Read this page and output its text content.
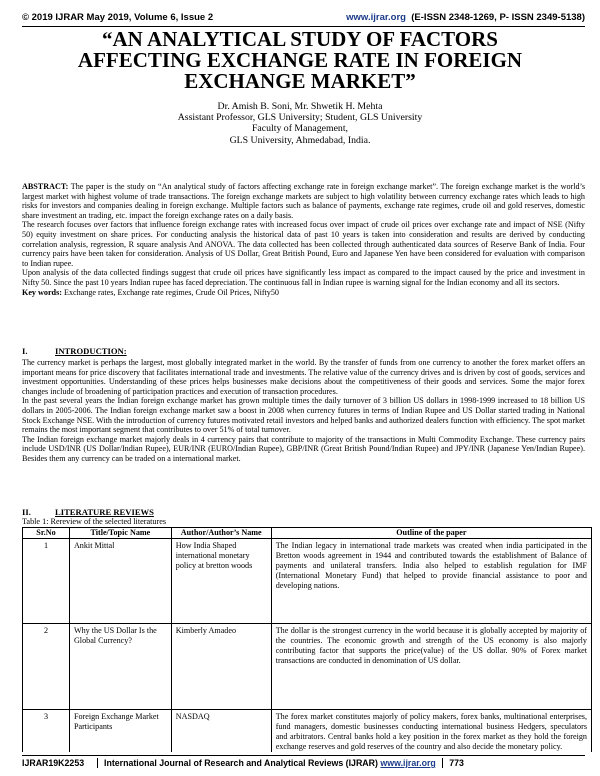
© 2019 IJRAR May 2019, Volume 6, Issue 2	www.ijrar.org (E-ISSN 2348-1269, P- ISSN 2349-5138)
“AN ANALYTICAL STUDY OF FACTORS
AFFECTING EXCHANGE RATE IN FOREIGN
EXCHANGE MARKET”
Dr. Amish B. Soni, Mr. Shwetik H. Mehta
Assistant Professor, GLS University; Student, GLS University
Faculty of Management,
GLS University, Ahmedabad, India.

ABSTRACT: The paper is the study on “An analytical study of factors affecting exchange rate in foreign exchange market”. The foreign exchange market is the world’s largest market with highest volume of trade transactions. The foreign exchange markets are subject to high volatility between currency exchange rates which leads to high risks for investors and companies dealing in foreign exchange. Multiple factors such as balance of payments, exchange rate regimes, crude oil and gold reserves, domestic share investment an trading, etc. impact the foreign exchange rates on a daily basis.

The research focuses over factors that influence foreign exchange rates with increased focus over impact of crude oil prices over exchange rate and impact of NSE (Nifty 50) equity investment on share prices. For conducting analysis the historical data of past 10 years is taken into consideration and results are derived by conducting correlation analysis, regression, R square analysis And ANOVA. The data collected has been collected through authenticated data sources of Reserve Bank of India. Four currency pairs have been taken for consideration. Analysis of US Dollar, Great British Pound, Euro and Japanese Yen have been considered for evaluation with comparison to Indian rupee.

Upon analysis of the data collected findings suggest that crude oil prices have significantly less impact as compared to the impact caused by the price and investment in Nifty 50. Since the past 10 years Indian rupee has faced depreciation. The continuous fall in Indian rupee is warning signal for the Indian economy and all its sectors.

Key words: Exchange rates, Exchange rate regimes, Crude Oil Prices, Nifty50

I.	INTRODUCTION:

The currency market is perhaps the largest, most globally integrated market in the world. By the transfer of funds from one currency to another the forex market offers an important means for price discovery that facilitates international trade and investments. The relative value of the currency drives and is driven by cost of goods, services and investment opportunities. Understanding of these prices helps businesses make decisions about the competitiveness of their goods and services. Some the major forex changes include of broadening of participation practices and execution of transaction procedures.

In the past several years the Indian foreign exchange market has grown multiple times the daily turnover of 3 billion US dollars in 1998-1999 increased to 18 billion US dollars in 2005-2006. The Indian foreign exchange market saw a boost in 2008 when currency futures in terms of Indian Rupee and US Dollar started trading in National Stock Exchange NSE. With the introduction of currency futures motivated retail investors and helped banks and authorized dealers function with efficiency. The spot market remains the most important segment that contributes to over 51% of total turnover.

The Indian foreign exchange market majorly deals in 4 currency pairs that contribute to majority of the transactions in Multi Commodity Exchange. These currency pairs include USD/INR (US Dollar/Indian Rupee), EUR/INR (EURO/Indian Rupee), GBP/INR (Great British Pound/Indian Rupee) and JPY/INR (Japanese Yen/Indian Rupee). Besides them any currency can be traded on a international market.

II.	LITERATURE REVIEWS
Table 1: Rereview of the selected literatures
Sr.No	Title/Topic Name	Author/Author’s Name	Outline of the paper
1	Ankit Mittal	How India Shaped international monetary policy at bretton woods	The Indian legacy in international trade markets was created when india participated in the Bretton woods agreement in 1944 and contributed towards the establishment of Balance of payments and unilateral transfers. India also helped to establish regulation for IMF (International Monetary Fund) that helped to provide financial assistance to poor and developing nations.
2	Why the US Dollar Is the Global Currency?	Kimberly Amadeo	The dollar is the strongest currency in the world because it is globally accepted by majority of the countries. The economic growth and strength of the US economy is also majorly contributing factor that supports the price(value) of the US dollar. 90% of Forex market transactions are conducted in denomination of US dollar.
3	Foreign Exchange Market Participants	NASDAQ	The forex market constitutes majorly of policy makers, forex banks, multinational enterprises, fund managers, domestic businesses conducting international business Hedgers, speculators and arbitrators. Central banks hold a key position in the forex market as they hold the foreign exchange reserves and gold reserves of the country and also decide the monetary policy.
IJRAR19K2253 International Journal of Research and Analytical Reviews (IJRAR) www.ijrar.org 773
